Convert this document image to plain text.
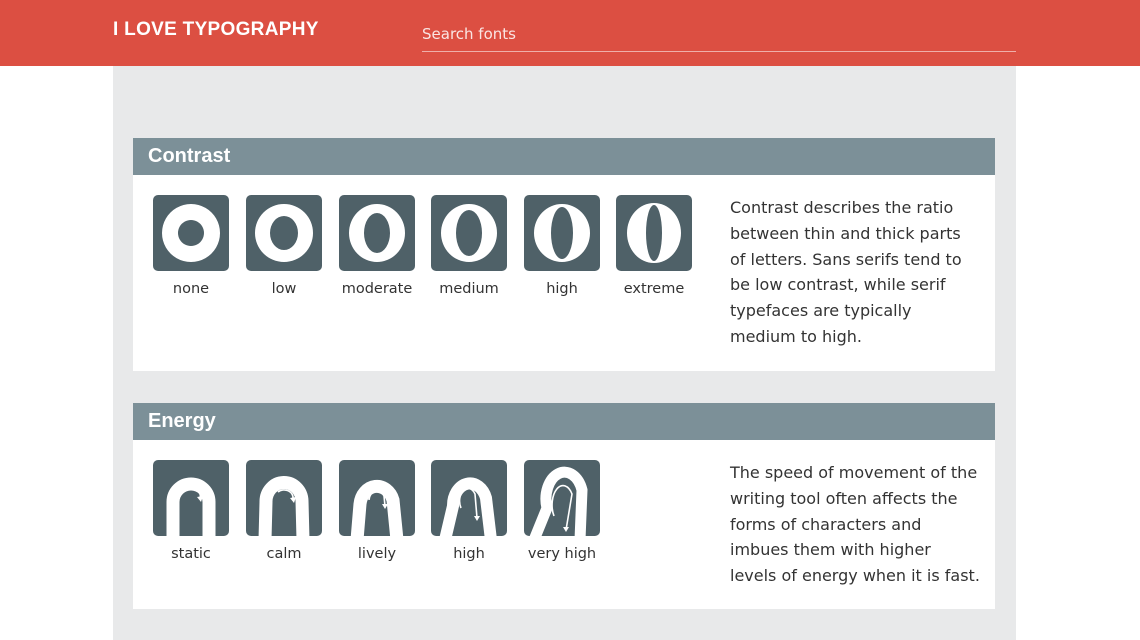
I LOVE TYPOGRAPHY
Search fonts
Contrast
none	low	moderate	medium	high	extreme
Contrast describes the ratio between thin and thick parts of letters. Sans serifs tend to be low contrast, while serif typefaces are typically medium to high.
Energy
static	calm	lively	high	very high
The speed of movement of the writing tool often affects the forms of characters and imbues them with higher levels of energy when it is fast.
